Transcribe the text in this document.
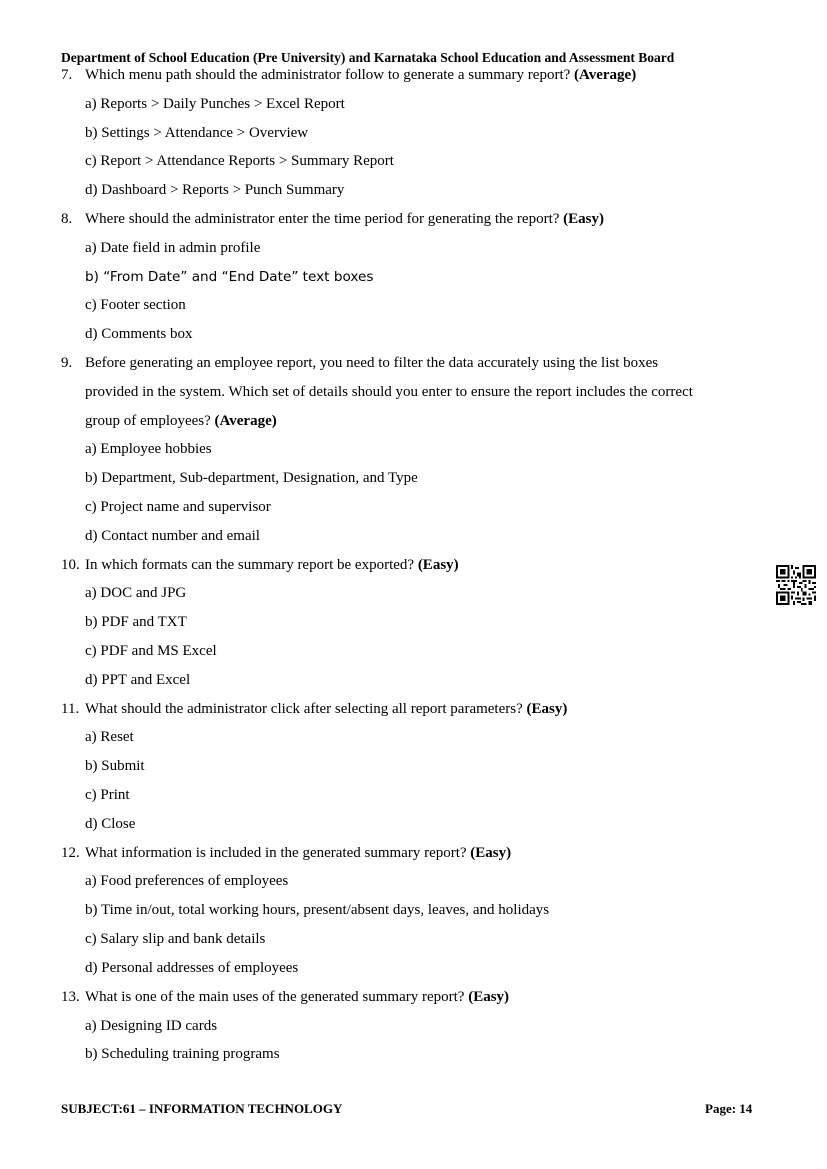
Department of School Education (Pre University) and Karnataka School Education and Assessment Board
7. Which menu path should the administrator follow to generate a summary report? (Average)
a) Reports > Daily Punches > Excel Report
b) Settings > Attendance > Overview
c) Report > Attendance Reports > Summary Report
d) Dashboard > Reports > Punch Summary
8. Where should the administrator enter the time period for generating the report? (Easy)
a) Date field in admin profile
b) “From Date” and “End Date” text boxes
c) Footer section
d) Comments box
9. Before generating an employee report, you need to filter the data accurately using the list boxes
provided in the system. Which set of details should you enter to ensure the report includes the correct
group of employees? (Average)
a) Employee hobbies
b) Department, Sub-department, Designation, and Type
c) Project name and supervisor
d) Contact number and email
10. In which formats can the summary report be exported? (Easy)
a) DOC and JPG
b) PDF and TXT
c) PDF and MS Excel
d) PPT and Excel
11. What should the administrator click after selecting all report parameters? (Easy)
a) Reset
b) Submit
c) Print
d) Close
12. What information is included in the generated summary report? (Easy)
a) Food preferences of employees
b) Time in/out, total working hours, present/absent days, leaves, and holidays
c) Salary slip and bank details
d) Personal addresses of employees
13. What is one of the main uses of the generated summary report? (Easy)
a) Designing ID cards
b) Scheduling training programs
SUBJECT:61 – INFORMATION TECHNOLOGY	Page: 14
